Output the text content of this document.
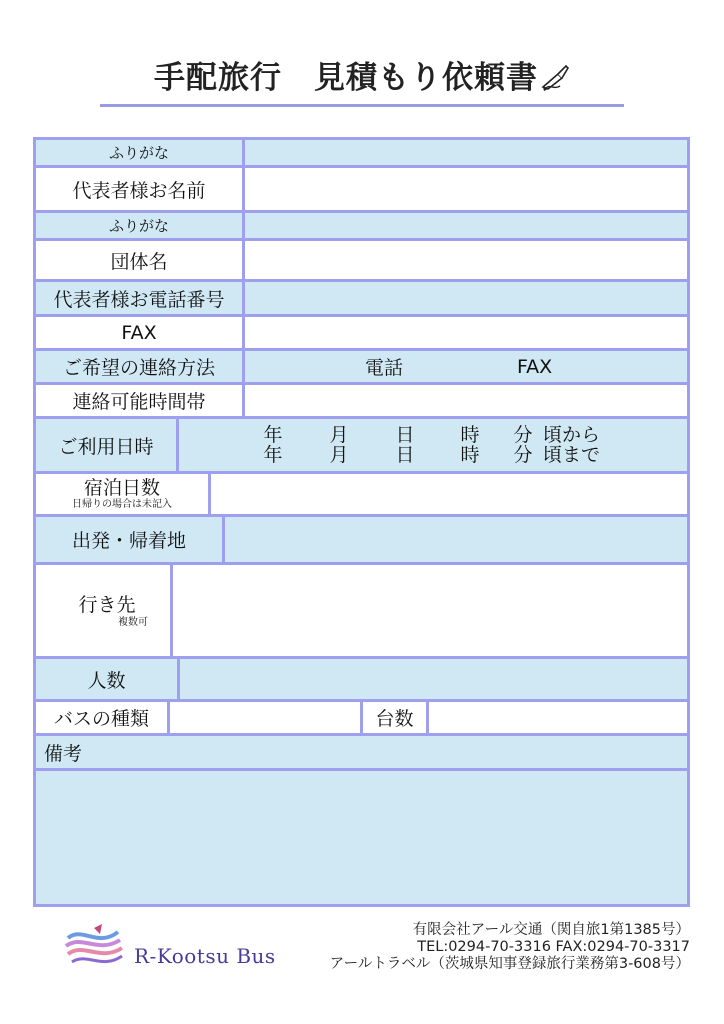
手配旅行　見積もり依頼書
ふりがな
代表者様お名前
ふりがな
団体名
代表者様お電話番号
FAX
ご希望の連絡方法	電話	FAX
連絡可能時間帯
ご利用日時
年	月	日	時	分 頃から
年	月	日	時	分 頃まで
宿泊日数
日帰りの場合は未記入
出発・帰着地
行き先
複数可
人数
バスの種類	台数
備考
R-Kootsu Bus
有限会社アール交通（関自旅1第1385号）
TEL:0294-70-3316 FAX:0294-70-3317
アールトラベル（茨城県知事登録旅行業務第3-608号）
